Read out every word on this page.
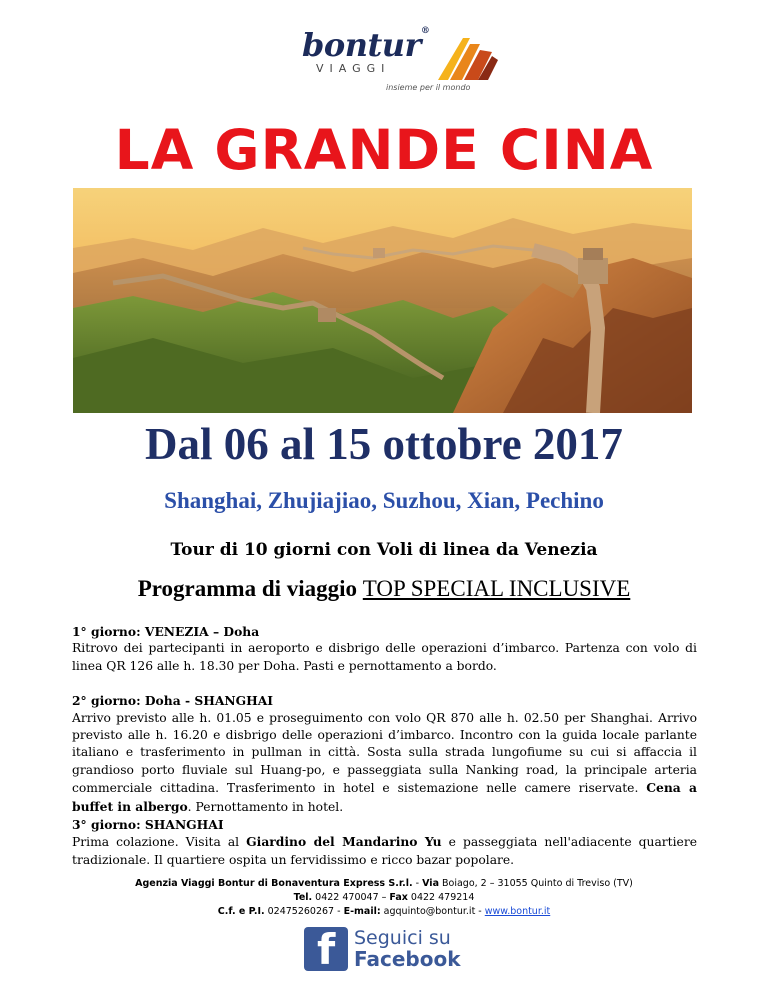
bontur®
VIAGGI
insieme per il mondo
LA GRANDE CINA
Dal 06 al 15 ottobre 2017
Shanghai, Zhujiajiao, Suzhou, Xian, Pechino
Tour di 10 giorni con Voli di linea da Venezia
Programma di viaggio TOP SPECIAL INCLUSIVE
1° giorno: VENEZIA – Doha

Ritrovo dei partecipanti in aeroporto e disbrigo delle operazioni d’imbarco. Partenza con volo di linea QR 126 alle h. 18.30 per Doha. Pasti e pernottamento a bordo.

2° giorno: Doha - SHANGHAI

Arrivo previsto alle h. 01.05 e proseguimento con volo QR 870 alle h. 02.50 per Shanghai. Arrivo previsto alle h. 16.20 e disbrigo delle operazioni d’imbarco. Incontro con la guida locale parlante italiano e trasferimento in pullman in città. Sosta sulla strada lungofiume su cui si affaccia il grandioso porto fluviale sul Huang-po, e passeggiata sulla Nanking road, la principale arteria commerciale cittadina. Trasferimento in hotel e sistemazione nelle camere riservate. Cena a buffet in albergo. Pernottamento in hotel.

3° giorno: SHANGHAI

Prima colazione. Visita al Giardino del Mandarino Yu e passeggiata nell'adiacente quartiere tradizionale. Il quartiere ospita un fervidissimo e ricco bazar popolare.

Agenzia Viaggi Bontur di Bonaventura Express S.r.l. - Via Boiago, 2 – 31055 Quinto di Treviso (TV)
Tel. 0422 470047 – Fax 0422 479214
C.f. e P.I. 02475260267 - E-mail: agquinto@bontur.it - www.bontur.it
f Seguici su
Facebook
